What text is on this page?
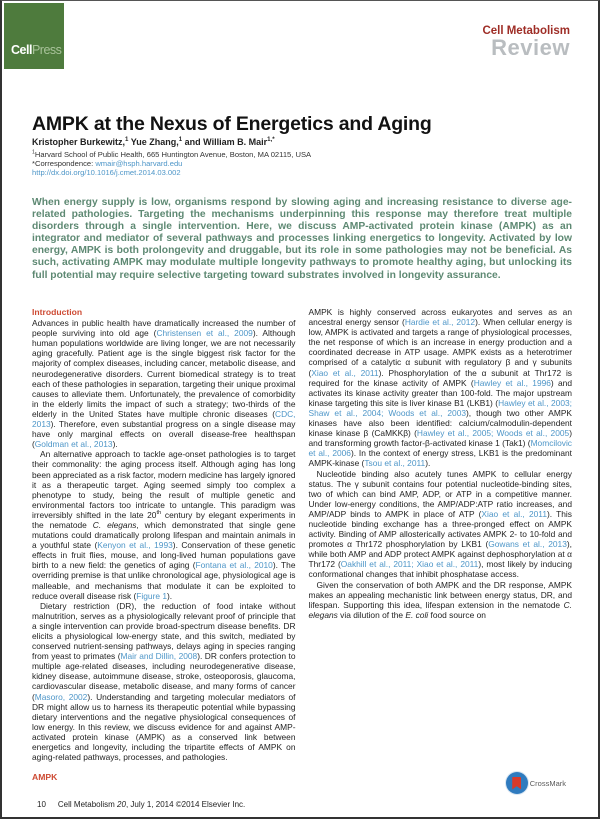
Cell Press
Cell Metabolism
Review
AMPK at the Nexus of Energetics and Aging
Kristopher Burkewitz,$^1$ Yue Zhang,$^1$ and William B. Mair$^{1,*}$
$^1$Harvard School of Public Health, 665 Huntington Avenue, Boston, MA 02115, USA
*Correspondence: wmair@hsph.harvard.edu
http://dx.doi.org/10.1016/j.cmet.2014.03.002
When energy supply is low, organisms respond by slowing aging and increasing resistance to diverse age-related pathologies. Targeting the mechanisms underpinning this response may therefore treat multiple disorders through a single intervention. Here, we discuss AMP-activated protein kinase (AMPK) as an integrator and mediator of several pathways and processes linking energetics to longevity. Activated by low energy, AMPK is both prolongevity and druggable, but its role in some pathologies may not be beneficial. As such, activating AMPK may modulate multiple longevity pathways to promote healthy aging, but unlocking its full potential may require selective targeting toward substrates involved in longevity assurance.
Introduction

Advances in public health have dramatically increased the number of people surviving into old age (Christensen et al., 2009). Although human populations worldwide are living longer, we are not necessarily aging gracefully. Patient age is the single biggest risk factor for the majority of complex diseases, including cancer, metabolic disease, and neurodegenerative disorders. Current biomedical strategy is to treat each of these pathologies in separation, targeting their unique proximal causes to alleviate them. Unfortunately, the prevalence of comorbidity in the elderly limits the impact of such a strategy; two-thirds of the elderly in the United States have multiple chronic diseases (CDC, 2013). Therefore, even substantial progress on a single disease may have only marginal effects on overall disease-free healthspan (Goldman et al., 2013).

An alternative approach to tackle age-onset pathologies is to target their commonality: the aging process itself. Although aging has long been appreciated as a risk factor, modern medicine has largely ignored it as a therapeutic target. Aging seemed simply too complex a phenotype to study, being the result of multiple genetic and environmental factors too intricate to untangle. This paradigm was irreversibly shifted in the late 20th century by elegant experiments in the nematode C. elegans, which demonstrated that single gene mutations could dramatically prolong lifespan and maintain animals in a youthful state (Kenyon et al., 1993). Conservation of these genetic effects in fruit flies, mouse, and long-lived human populations gave birth to a new field: the genetics of aging (Fontana et al., 2010). The overriding premise is that unlike chronological age, physiological age is malleable, and mechanisms that modulate it can be exploited to reduce overall disease risk (Figure 1).

Dietary restriction (DR), the reduction of food intake without malnutrition, serves as a physiologically relevant proof of principle that a single intervention can provide broad-spectrum disease benefits. DR elicits a physiological low-energy state, and this switch, mediated by conserved nutrient-sensing pathways, delays aging in species ranging from yeast to primates (Mair and Dillin, 2008). DR confers protection to multiple age-related diseases, including neurodegenerative disease, kidney disease, autoimmune disease, stroke, osteoporosis, glaucoma, cardiovascular disease, metabolic disease, and many forms of cancer (Masoro, 2002). Understanding and targeting molecular mediators of DR might allow us to harness its therapeutic potential while bypassing dietary interventions and the negative physiological consequences of low energy. In this review, we discuss evidence for and against AMP-activated protein kinase (AMPK) as a conserved link between energetics and longevity, including the tripartite effects of AMPK on aging-related pathways, processes, and pathologies.

AMPK

AMPK is highly conserved across eukaryotes and serves as an ancestral energy sensor (Hardie et al., 2012). When cellular energy is low, AMPK is activated and targets a range of physiological processes, the net response of which is an increase in energy production and a coordinated decrease in ATP usage. AMPK exists as a heterotrimer comprised of a catalytic α subunit with regulatory β and γ subunits (Xiao et al., 2011). Phosphorylation of the α subunit at Thr172 is required for the kinase activity of AMPK (Hawley et al., 1996) and activates its kinase activity greater than 100-fold. The major upstream kinase targeting this site is liver kinase B1 (LKB1) (Hawley et al., 2003; Shaw et al., 2004; Woods et al., 2003), though two other AMPK kinases have also been identified: calcium/calmodulin-dependent kinase kinase β (CaMKKβ) (Hawley et al., 2005; Woods et al., 2005) and transforming growth factor-β-activated kinase 1 (Tak1) (Momcilovic et al., 2006). In the context of energy stress, LKB1 is the predominant AMPK-kinase (Tsou et al., 2011).

Nucleotide binding also acutely tunes AMPK to cellular energy status. The γ subunit contains four potential nucleotide-binding sites, two of which can bind AMP, ADP, or ATP in a competitive manner. Under low-energy conditions, the AMP/ADP:ATP ratio increases, and AMP/ADP binds to AMPK in place of ATP (Xiao et al., 2011). This nucleotide binding exchange has a three-pronged effect on AMPK activity. Binding of AMP allosterically activates AMPK 2- to 10-fold and promotes α Thr172 phosphorylation by LKB1 (Gowans et al., 2013), while both AMP and ADP protect AMPK against dephosphorylation at α Thr172 (Oakhill et al., 2011; Xiao et al., 2011), most likely by inducing conformational changes that inhibit phosphatase access.

Given the conservation of both AMPK and the DR response, AMPK makes an appealing mechanistic link between energy status, DR, and lifespan. Supporting this idea, lifespan extension in the nematode C. elegans via dilution of the E. coli food source on

10 Cell Metabolism 20, July 1, 2014 ©2014 Elsevier Inc.
CrossMark
